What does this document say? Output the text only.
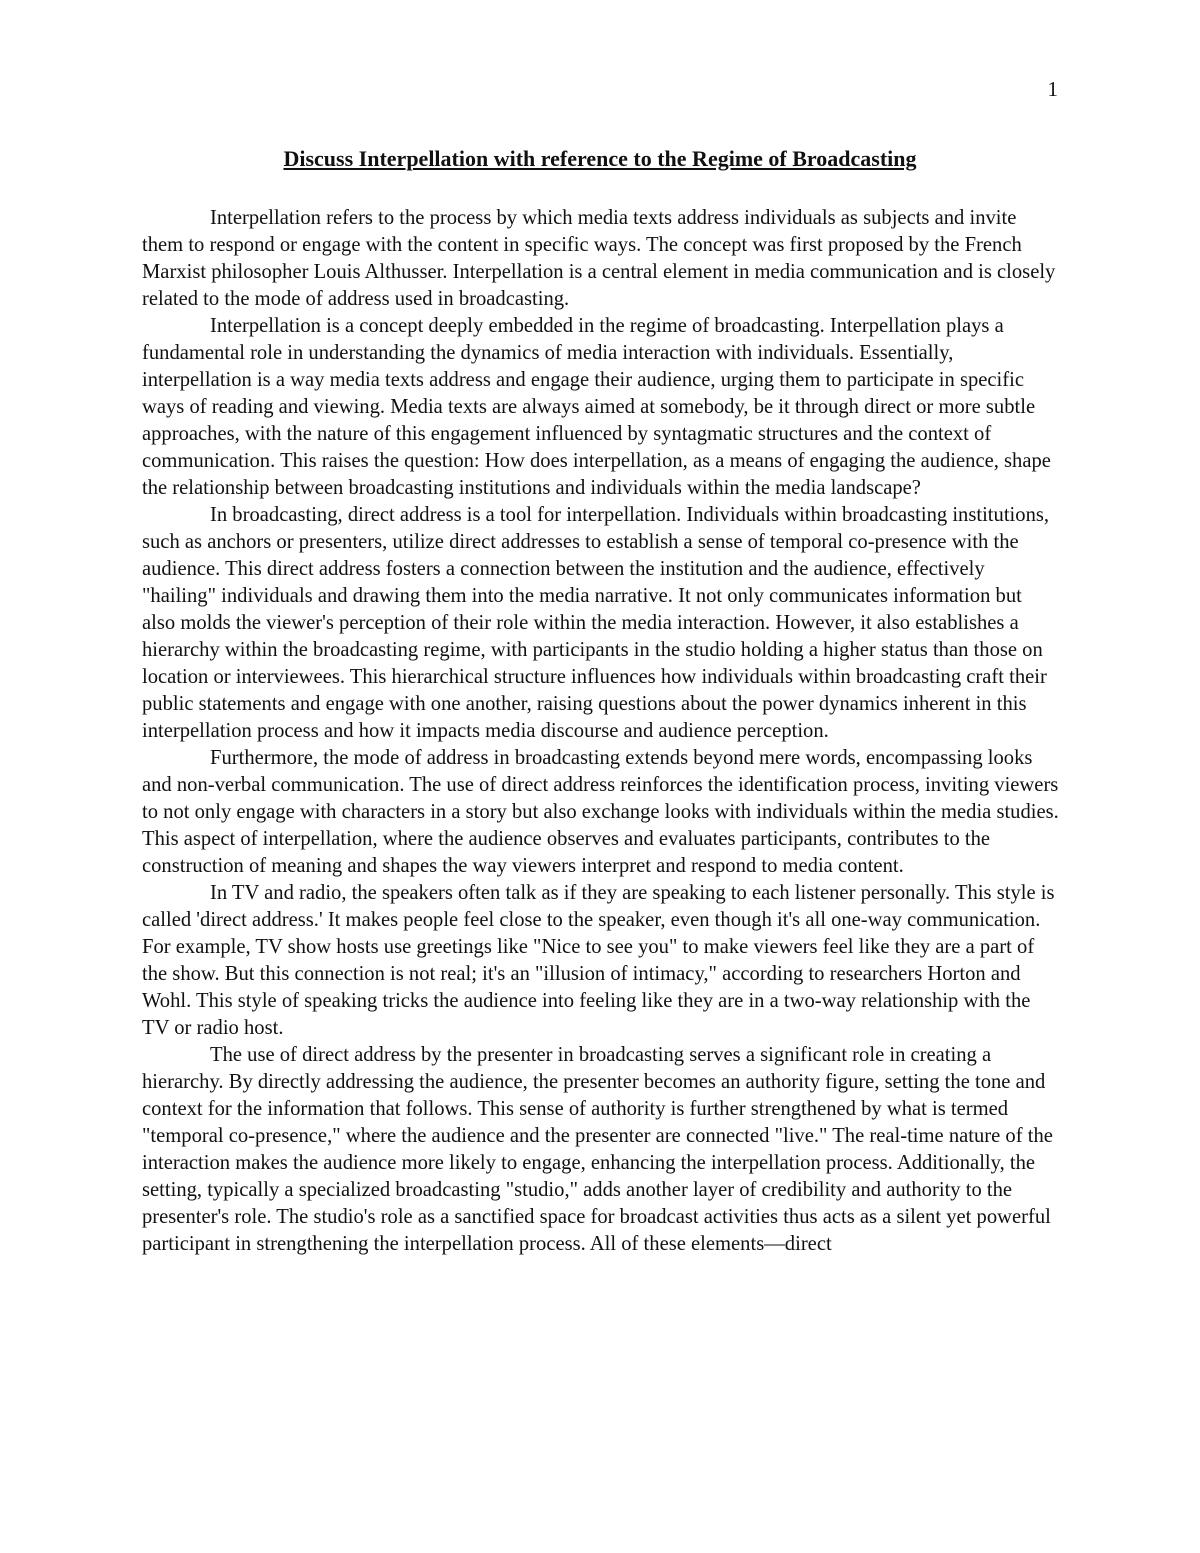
1
Discuss Interpellation with reference to the Regime of Broadcasting

Interpellation refers to the process by which media texts address individuals as subjects and invite them to respond or engage with the content in specific ways. The concept was first proposed by the French Marxist philosopher Louis Althusser. Interpellation is a central element in media communication and is closely related to the mode of address used in broadcasting.

Interpellation is a concept deeply embedded in the regime of broadcasting. Interpellation plays a fundamental role in understanding the dynamics of media interaction with individuals. Essentially, interpellation is a way media texts address and engage their audience, urging them to participate in specific ways of reading and viewing. Media texts are always aimed at somebody, be it through direct or more subtle approaches, with the nature of this engagement influenced by syntagmatic structures and the context of communication. This raises the question: How does interpellation, as a means of engaging the audience, shape the relationship between broadcasting institutions and individuals within the media landscape?

In broadcasting, direct address is a tool for interpellation. Individuals within broadcasting institutions, such as anchors or presenters, utilize direct addresses to establish a sense of temporal co-presence with the audience. This direct address fosters a connection between the institution and the audience, effectively "hailing" individuals and drawing them into the media narrative. It not only communicates information but also molds the viewer's perception of their role within the media interaction. However, it also establishes a hierarchy within the broadcasting regime, with participants in the studio holding a higher status than those on location or interviewees. This hierarchical structure influences how individuals within broadcasting craft their public statements and engage with one another, raising questions about the power dynamics inherent in this interpellation process and how it impacts media discourse and audience perception.

Furthermore, the mode of address in broadcasting extends beyond mere words, encompassing looks and non-verbal communication. The use of direct address reinforces the identification process, inviting viewers to not only engage with characters in a story but also exchange looks with individuals within the media studies. This aspect of interpellation, where the audience observes and evaluates participants, contributes to the construction of meaning and shapes the way viewers interpret and respond to media content.

In TV and radio, the speakers often talk as if they are speaking to each listener personally. This style is called 'direct address.' It makes people feel close to the speaker, even though it's all one-way communication. For example, TV show hosts use greetings like "Nice to see you" to make viewers feel like they are a part of the show. But this connection is not real; it's an "illusion of intimacy," according to researchers Horton and Wohl. This style of speaking tricks the audience into feeling like they are in a two-way relationship with the TV or radio host.

The use of direct address by the presenter in broadcasting serves a significant role in creating a hierarchy. By directly addressing the audience, the presenter becomes an authority figure, setting the tone and context for the information that follows. This sense of authority is further strengthened by what is termed "temporal co-presence," where the audience and the presenter are connected "live." The real-time nature of the interaction makes the audience more likely to engage, enhancing the interpellation process. Additionally, the setting, typically a specialized broadcasting "studio," adds another layer of credibility and authority to the presenter's role. The studio's role as a sanctified space for broadcast activities thus acts as a silent yet powerful participant in strengthening the interpellation process. All of these elements—direct
